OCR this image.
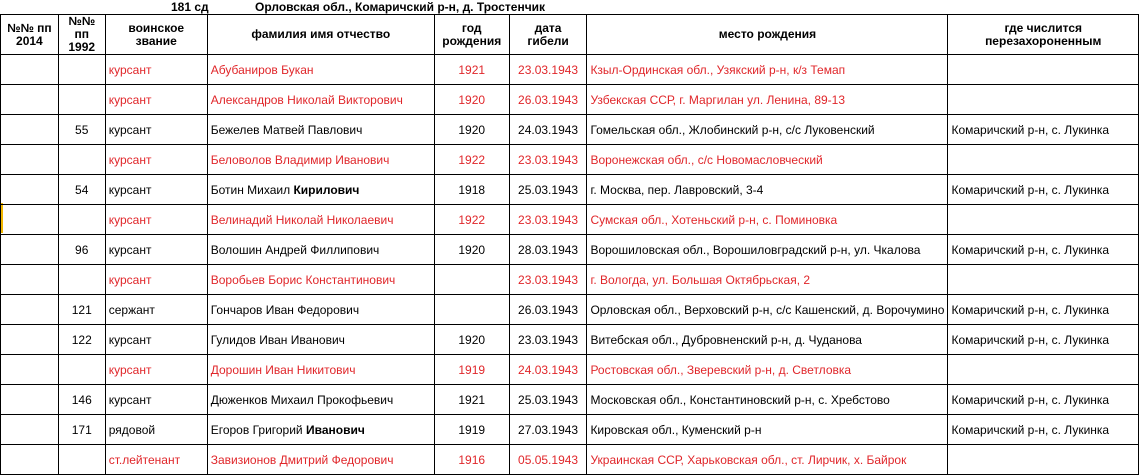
181 сд	Орловская обл., Комаричский р-н, д. Тростенчик
№№ пп 2014	№№ пп 1992	воинское звание	фамилия имя отчество	год рождения	дата гибели	место рождения	где числится перезахороненным
		курсант	Абубаниров Букан	1921	23.03.1943	Кзыл-Ординская обл., Узякский р-н, к/з Темап	
		курсант	Александров Николай Викторович	1920	26.03.1943	Узбекская ССР, г. Маргилан ул. Ленина, 89-13	
	55	курсант	Бежелев Матвей Павлович	1920	24.03.1943	Гомельская обл., Жлобинский р-н, с/с Луковенский	Комаричский р-н, с. Лукинка
		курсант	Беловолов Владимир Иванович	1922	23.03.1943	Воронежская обл., с/с Новомасловческий	
	54	курсант	Ботин Михаил Кирилович	1918	25.03.1943	г. Москва, пер. Лавровский, 3-4	Комаричский р-н, с. Лукинка
		курсант	Велинадий Николай Николаевич	1922	23.03.1943	Сумская обл., Хотеньский р-н, с. Поминовка	
	96	курсант	Волошин Андрей Филлипович	1920	28.03.1943	Ворошиловская обл., Ворошиловградский р-н, ул. Чкалова	Комаричский р-н, с. Лукинка
		курсант	Воробьев Борис Константинович		23.03.1943	г. Вологда, ул. Большая Октябрьская, 2	
	121	сержант	Гончаров Иван Федорович		26.03.1943	Орловская обл., Верховский р-н, с/с Кашенский, д. Ворочумино	Комаричский р-н, с. Лукинка
	122	курсант	Гулидов Иван Иванович	1920	23.03.1943	Витебская обл., Дубровненский р-н, д. Чуданова	Комаричский р-н, с. Лукинка
		курсант	Дорошин Иван Никитович	1919	24.03.1943	Ростовская обл., Зверевский р-н, д. Светловка	
	146	курсант	Дюженков Михаил Прокофьевич	1921	25.03.1943	Московская обл., Константиновский р-н, с. Хребстово	Комаричский р-н, с. Лукинка
	171	рядовой	Егоров Григорий Иванович	1919	27.03.1943	Кировская обл., Куменский р-н	Комаричский р-н, с. Лукинка
		ст.лейтенант	Завизионов Дмитрий Федорович	1916	05.05.1943	Украинская ССР, Харьковская обл., ст. Лирчик, х. Байрок	
